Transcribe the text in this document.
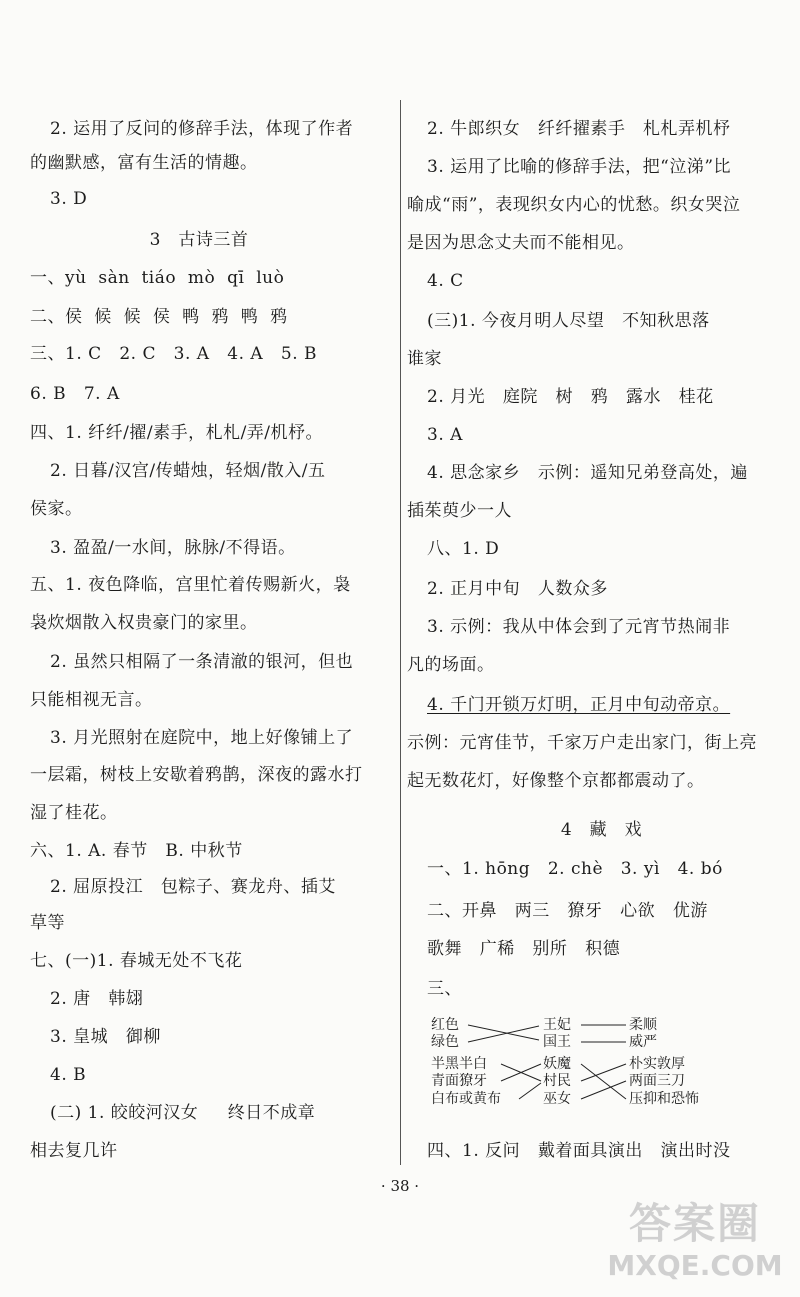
2. 运用了反问的修辞手法，体现了作者
的幽默感，富有生活的情趣。
3. D
3　古诗三首
一、yù  sàn  tiáo  mò  qī  luò
二、侯  候  候  侯  鸭  鸦  鸭  鸦
三、1. C   2. C   3. A   4. A   5. B
6. B   7. A
四、1. 纤纤/擢/素手，札札/弄/机杼。
2. 日暮/汉宫/传蜡烛，轻烟/散入/五
侯家。
3. 盈盈/一水间，脉脉/不得语。
五、1. 夜色降临，宫里忙着传赐新火，袅
袅炊烟散入权贵豪门的家里。
2. 虽然只相隔了一条清澈的银河，但也
只能相视无言。
3. 月光照射在庭院中，地上好像铺上了
一层霜，树枝上安歇着鸦鹊，深夜的露水打
湿了桂花。
六、1. A. 春节   B. 中秋节
2. 屈原投江   包粽子、赛龙舟、插艾
草等
七、(一)1. 春城无处不飞花
2. 唐   韩翃
3. 皇城   御柳
4. B
(二) 1. 皎皎河汉女     终日不成章
相去复几许
2. 牛郎织女   纤纤擢素手   札札弄机杼
3. 运用了比喻的修辞手法，把“泣涕”比
喻成“雨”，表现织女内心的忧愁。织女哭泣
是因为思念丈夫而不能相见。
4. C
(三)1. 今夜月明人尽望   不知秋思落
谁家
2. 月光   庭院   树   鸦   露水   桂花
3. A
4. 思念家乡   示例：遥知兄弟登高处，遍
插茱萸少一人
八、1. D
2. 正月中旬   人数众多
3. 示例：我从中体会到了元宵节热闹非
凡的场面。
4. 千门开锁万灯明，正月中旬动帝京。
示例：元宵佳节，千家万户走出家门，街上亮
起无数花灯，好像整个京都都震动了。
4　藏　戏
一、1. hōng   2. chè   3. yì   4. bó
二、开鼻   两三   獠牙   心欲   优游
歌舞   广稀   别所   积德
三、
红色
绿色
半黑半白
青面獠牙
白布或黄布
王妃
国王
妖魔
村民
巫女
柔顺
威严
朴实敦厚
两面三刀
压抑和恐怖
四、1. 反问   戴着面具演出   演出时没
· 38 ·
答案圈
MXQE.COM
